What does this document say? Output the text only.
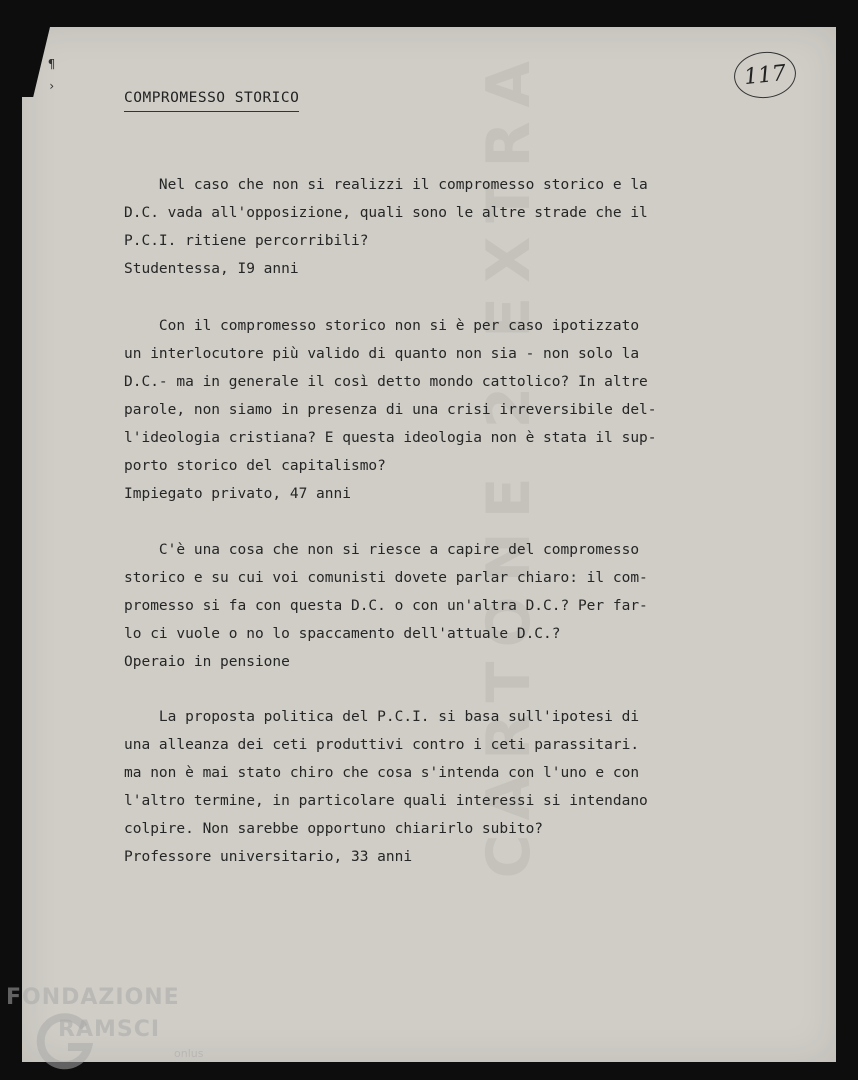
¶
›	CARTONE 2 EXTRA	117
COMPROMESSO STORICO

Nel caso che non si realizzi il compromesso storico e la

D.C. vada all'opposizione, quali sono le altre strade che il

P.C.I. ritiene percorribili?

Studentessa, I9 anni

Con il compromesso storico non si è per caso ipotizzato

un interlocutore più valido di quanto non sia - non solo la

D.C.- ma in generale il così detto mondo cattolico? In altre

parole, non siamo in presenza di una crisi irreversibile del-

l'ideologia cristiana? E questa ideologia non è stata il sup-

porto storico del capitalismo?

Impiegato privato, 47 anni

C'è una cosa che non si riesce a capire del compromesso

storico e su cui voi comunisti dovete parlar chiaro: il com-

promesso si fa con questa D.C. o con un'altra D.C.? Per far-

lo ci vuole o no lo spaccamento dell'attuale D.C.?

Operaio in pensione

La proposta politica del P.C.I. si basa sull'ipotesi di

una alleanza dei ceti produttivi contro i ceti parassitari.

ma non è mai stato chiro che cosa s'intenda con l'uno e con

l'altro termine, in particolare quali interessi si intendano

colpire. Non sarebbe opportuno chiarirlo subito?

Professore universitario, 33 anni

FONDAZIONE
RAMSCI
onlus
